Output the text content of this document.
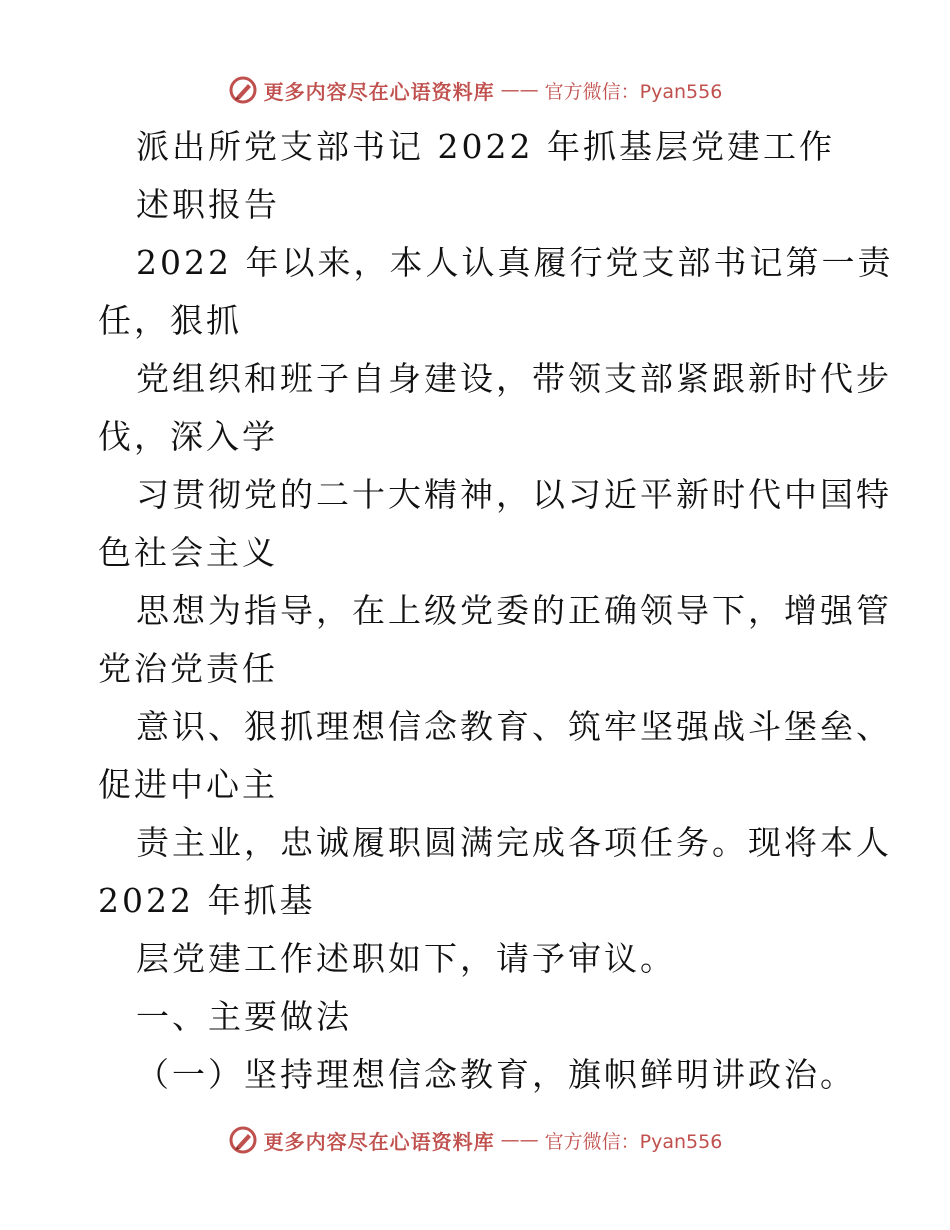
更多内容尽在心语资料库 —— 官方微信：Pyan556
派出所党支部书记 2022 年抓基层党建工作
述职报告
2022 年以来，本人认真履行党支部书记第一责
任，狠抓
党组织和班子自身建设，带领支部紧跟新时代步
伐，深入学
习贯彻党的二十大精神，以习近平新时代中国特
色社会主义
思想为指导，在上级党委的正确领导下，增强管
党治党责任
意识、狠抓理想信念教育、筑牢坚强战斗堡垒、
促进中心主
责主业，忠诚履职圆满完成各项任务。现将本人
2022 年抓基
层党建工作述职如下，请予审议。
一、主要做法
（一）坚持理想信念教育，旗帜鲜明讲政治。
更多内容尽在心语资料库 —— 官方微信：Pyan556
